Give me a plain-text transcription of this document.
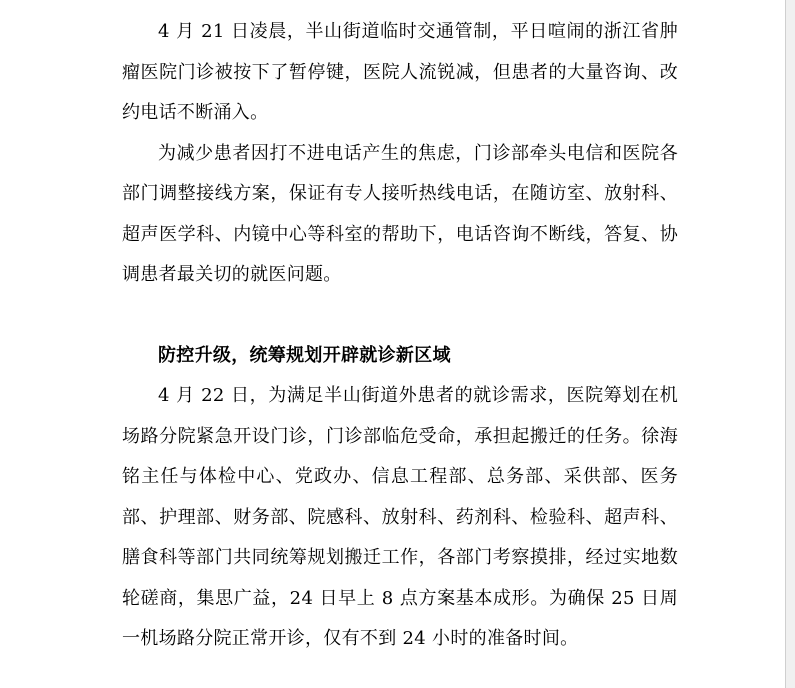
4 月 21 日凌晨，半山街道临时交通管制，平日喧闹的浙江省肿瘤医院门诊被按下了暂停键，医院人流锐减，但患者的大量咨询、改约电话不断涌入。

为减少患者因打不进电话产生的焦虑，门诊部牵头电信和医院各部门调整接线方案，保证有专人接听热线电话，在随访室、放射科、超声医学科、内镜中心等科室的帮助下，电话咨询不断线，答复、协调患者最关切的就医问题。

防控升级，统筹规划开辟就诊新区域

4 月 22 日，为满足半山街道外患者的就诊需求，医院筹划在机场路分院紧急开设门诊，门诊部临危受命，承担起搬迁的任务。徐海铭主任与体检中心、党政办、信息工程部、总务部、采供部、医务部、护理部、财务部、院感科、放射科、药剂科、检验科、超声科、膳食科等部门共同统筹规划搬迁工作，各部门考察摸排，经过实地数轮磋商，集思广益，24 日早上 8 点方案基本成形。为确保 25 日周一机场路分院正常开诊，仅有不到 24 小时的准备时间。
